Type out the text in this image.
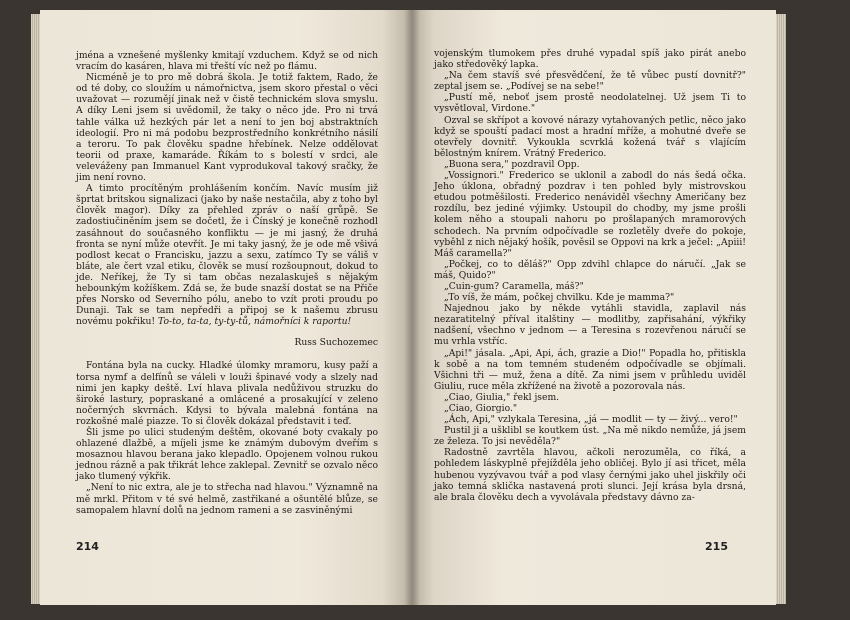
jména a vznešené myšlenky kmitají vzduchem. Když se od nich vracím do kasáren, hlava mi třeští víc než po flámu.

Nicméně je to pro mě dobrá škola. Je totiž faktem, Rado, že od té doby, co sloužím u námořnictva, jsem skoro přestal o věci uvažovat — rozumějí jinak než v čistě technickém slova smyslu. A díky Leni jsem si uvědomil, že taky o něco jde. Pro ni trvá tahle válka už hezkých pár let a není to jen boj abstraktních ideologií. Pro ni má podobu bezprostředního konkrétního násilí a teroru. To pak člověku spadne hřebínek. Nelze oddělovat teorii od praxe, kamaráde. Říkám to s bolestí v srdci, ale veleváženy pan Immanuel Kant vyprodukoval takový sračky, že jim není rovno.

A timto procítěným prohlášením končím. Navíc musím již šprtat britskou signalizaci (jako by naše nestačila, aby z toho byl člověk magor). Díky za přehled zpráv o naší grůpě. Se zadostiučiněním jsem se dočetl, že i Čínský je konečně rozhodl zasáhnout do současného konfliktu — je mi jasný, že druhá fronta se nyní může otevřít. Je mi taky jasný, že je ode mě všivá podlost kecat o Francisku, jazzu a sexu, zatímco Ty se váliš v bláte, ale čert vzal etiku, člověk se musí rozšoupnout, dokud to jde. Neříkej, že Ty si tam občas nezalaskuješ s nějakým hebounkým kožíškem. Zdá se, že bude snazší dostat se na Přiče přes Norsko od Severního pólu, anebo to vzít proti proudu po Dunaji. Tak se tam nepředři a připoj se k našemu zbrusu novému pokřiku! To-to, ta-ta, ty-ty-tů, námořníci k raportu!

Russ Suchozemec

Fontána byla na cucky. Hladké úlomky mramoru, kusy paží a torsa nymf a delfínů se váleli v louži špinavé vody a slzely nad nimi jen kapky deště. Lví hlava plivala nedůživou struzku do široké lastury, popraskané a omlácené a prosakující v zeleno nočerných skvrnách. Kdysi to bývala malebná fontána na rozkošné malé piazze. To si člověk dokázal představit i teď.

Šli jsme po ulici studeným deštěm, okované boty cvakaly po ohlazené dlažbě, a míjeli jsme ke známým dubovým dveřím s mosaznou hlavou berana jako klepadlo. Opojenem volnou rukou jednou rázně a pak třikrát lehce zaklepal. Zevnitř se ozvalo něco jako tlumený výkřik.

„Není to nic extra, ale je to střecha nad hlavou." Významně na mě mrkl. Přitom v té své helmě, zastřikané a ošuntělé blůze, se samopalem hlavní dolů na jednom rameni a se zasviněnými

214

vojenským tlumokem přes druhé vypadal spíš jako pirát anebo jako středověký lapka.

„Na čem stavíš své přesvědčení, že tě vůbec pustí dovnitř?" zeptal jsem se. „Podívej se na sebe!"

„Pustí mě, neboť jsem prostě neodolatelnej. Už jsem Ti to vysvětloval, Virdone."

Ozval se skřípot a kovové nárazy vytahovaných petlic, něco jako když se spouští padací most a hradní mříže, a mohutné dveře se otevřely dovnitř. Vykoukla scvrklá kožená tvář s vlajícím bělostným knírem. Vrátný Frederico.

„Buona sera," pozdravil Opp.

„Vossignori." Frederico se uklonil a zabodl do nás šedá očka. Jeho úklona, obřadný pozdrav i ten pohled byly mistrovskou etudou potměšilosti. Frederico nenáviděl všechny Američany bez rozdílu, bez jediné výjimky. Ustoupil do chodby, my jsme prošli kolem něho a stoupali nahoru po prošlapaných mramorových schodech. Na prvním odpočívadle se rozletěly dveře do pokoje, vyběhl z nich nějaký hošík, pověsil se Oppovi na krk a ječel: „Apiii! Máš caramella?"

„Počkej, co to děláš?" Opp zdvihl chlapce do náručí. „Jak se máš, Quido?"

„Cuin-gum? Caramella, máš?"

„To víš, že mám, počkej chvilku. Kde je mamma?"

Najednou jako by někde vytáhli stavidla, zaplavil nás nezaratitelný příval italštiny — modlitby, zapřisahání, výkřiky nadšení, všechno v jednom — a Teresina s rozevřenou náručí se mu vrhla vstříc.

„Api!" jásala. „Api, Api, ách, grazie a Dio!" Popadla ho, přitiskla k sobě a na tom temném studeném odpočívadle se objímali. Všichni tři — muž, žena a dítě. Za nimi jsem v průhledu uviděl Giuliu, ruce měla zkřížené na životě a pozorovala nás.

„Ciao, Giulia," řekl jsem.

„Ciao, Giorgio."

„Ách, Api," vzlykala Teresina, „já — modlit — ty — živý... vero!"

Pustil ji a ušklibl se koutkem úst. „Na mě nikdo nemůže, já jsem ze železa. To jsi nevěděla?"

Radostně zavrtěla hlavou, ačkoli nerozuměla, co říká, a pohledem láskyplně přejížděla jeho obličej. Bylo jí asi třicet, měla hubenou vyzývavou tvář a pod vlasy černými jako uhel jiskřily oči jako temná sklička nastavená proti slunci. Její krása byla drsná, ale brala člověku dech a vyvolávala představy dávno za-

215
